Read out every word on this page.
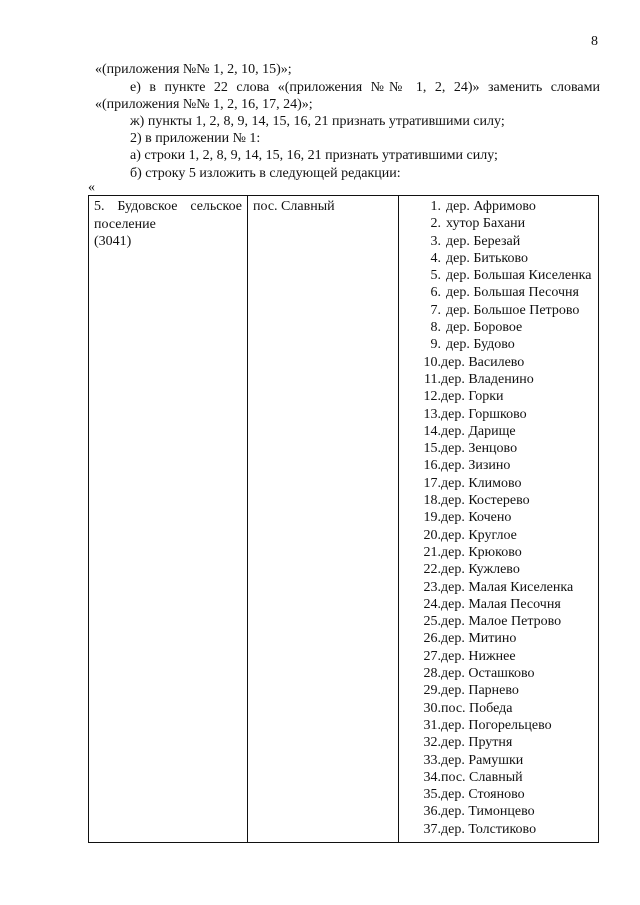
8
«(приложения №№ 1, 2, 10, 15)»;
е) в пункте 22 слова «(приложения №№ 1, 2, 24)» заменить словами
«(приложения №№ 1, 2, 16, 17, 24)»;
ж) пункты 1, 2, 8, 9, 14, 15, 16, 21 признать утратившими силу;
2) в приложении № 1:
а) строки 1, 2, 8, 9, 14, 15, 16, 21 признать утратившими силу;
б) строку 5 изложить в следующей редакции:
«
5. Будовское сельское
поселение
(3041)
пос. Славный	1. дер. Афримово
2. хутор Бахани
3. дер. Березай
4. дер. Битьково
5. дер. Большая Киселенка
6. дер. Большая Песочня
7. дер. Большое Петрово
8. дер. Боровое
9. дер. Будово
10. дер. Василево
11. дер. Владенино
12. дер. Горки
13. дер. Горшково
14. дер. Дарище
15. дер. Зенцово
16. дер. Зизино
17. дер. Климово
18. дер. Костерево
19. дер. Кочено
20. дер. Круглое
21. дер. Крюково
22. дер. Кужлево
23. дер. Малая Киселенка
24. дер. Малая Песочня
25. дер. Малое Петрово
26. дер. Митино
27. дер. Нижнее
28. дер. Осташково
29. дер. Парнево
30. пос. Победа
31. дер. Погорельцево
32. дер. Прутня
33. дер. Рамушки
34. пос. Славный
35. дер. Стояново
36. дер. Тимонцево
37. дер. Толстиково
